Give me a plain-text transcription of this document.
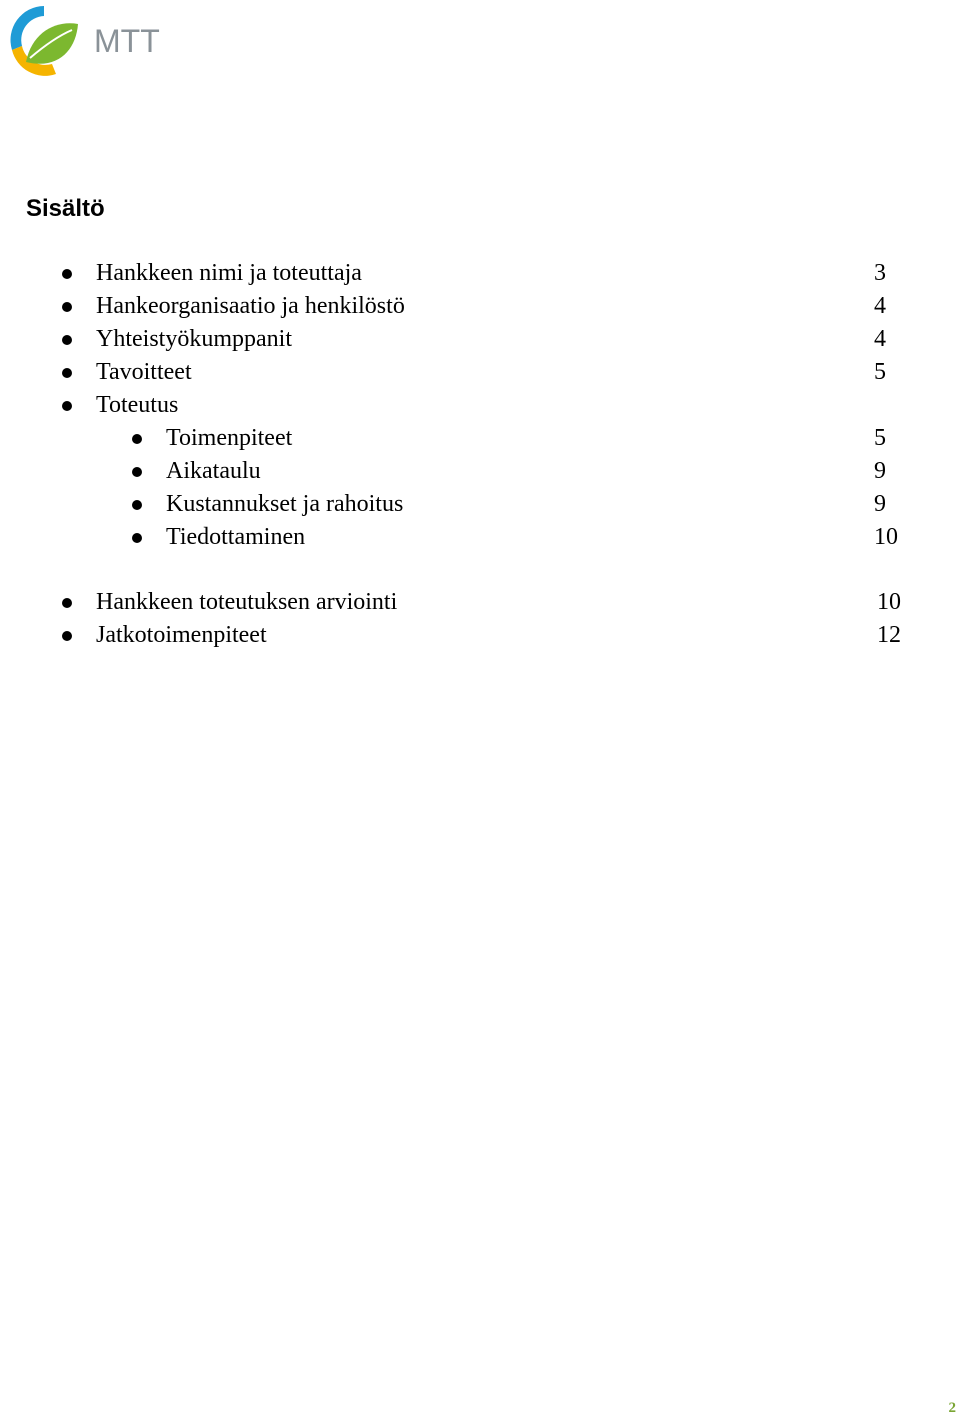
MTT
Sisältö
Hankkeen nimi ja toteuttaja	3
Hankeorganisaatio ja henkilöstö	4
Yhteistyökumppanit	4
Tavoitteet	5
Toteutus
Toimenpiteet	5
Aikataulu	9
Kustannukset ja rahoitus	9
Tiedottaminen	10
Hankkeen toteutuksen arviointi	10
Jatkotoimenpiteet	12
2
